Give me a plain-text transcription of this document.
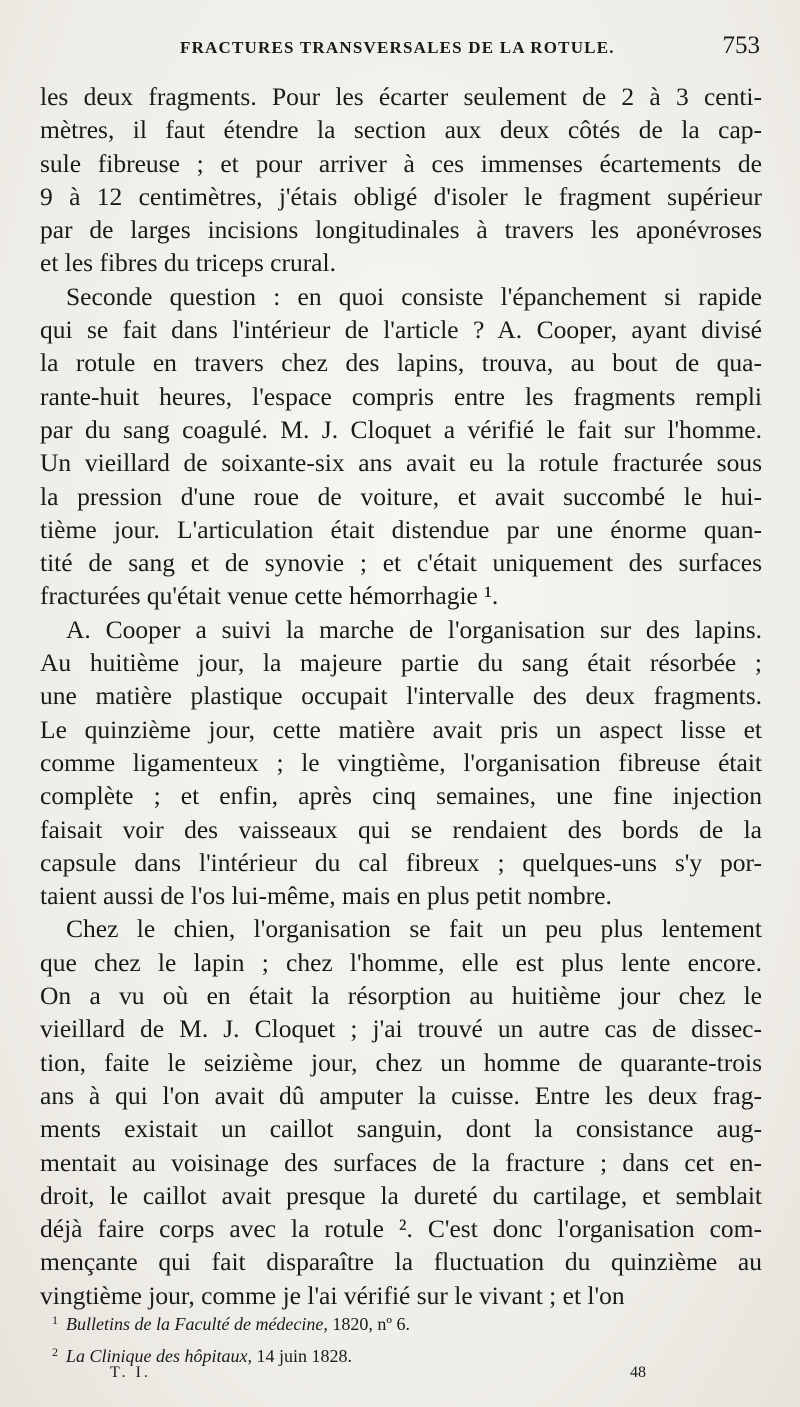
FRACTURES TRANSVERSALES DE LA ROTULE.	753
les deux fragments. Pour les écarter seulement de 2 à 3 centi-
mètres, il faut étendre la section aux deux côtés de la cap-
sule fibreuse ; et pour arriver à ces immenses écartements de
9 à 12 centimètres, j'étais obligé d'isoler le fragment supérieur
par de larges incisions longitudinales à travers les aponévroses
et les fibres du triceps crural.
Seconde question : en quoi consiste l'épanchement si rapide
qui se fait dans l'intérieur de l'article ? A. Cooper, ayant divisé
la rotule en travers chez des lapins, trouva, au bout de qua-
rante-huit heures, l'espace compris entre les fragments rempli
par du sang coagulé. M. J. Cloquet a vérifié le fait sur l'homme.
Un vieillard de soixante-six ans avait eu la rotule fracturée sous
la pression d'une roue de voiture, et avait succombé le hui-
tième jour. L'articulation était distendue par une énorme quan-
tité de sang et de synovie ; et c'était uniquement des surfaces
fracturées qu'était venue cette hémorrhagie ¹.
A. Cooper a suivi la marche de l'organisation sur des lapins.
Au huitième jour, la majeure partie du sang était résorbée ;
une matière plastique occupait l'intervalle des deux fragments.
Le quinzième jour, cette matière avait pris un aspect lisse et
comme ligamenteux ; le vingtième, l'organisation fibreuse était
complète ; et enfin, après cinq semaines, une fine injection
faisait voir des vaisseaux qui se rendaient des bords de la
capsule dans l'intérieur du cal fibreux ; quelques-uns s'y por-
taient aussi de l'os lui-même, mais en plus petit nombre.
Chez le chien, l'organisation se fait un peu plus lentement
que chez le lapin ; chez l'homme, elle est plus lente encore.
On a vu où en était la résorption au huitième jour chez le
vieillard de M. J. Cloquet ; j'ai trouvé un autre cas de dissec-
tion, faite le seizième jour, chez un homme de quarante-trois
ans à qui l'on avait dû amputer la cuisse. Entre les deux frag-
ments existait un caillot sanguin, dont la consistance aug-
mentait au voisinage des surfaces de la fracture ; dans cet en-
droit, le caillot avait presque la dureté du cartilage, et semblait
déjà faire corps avec la rotule ². C'est donc l'organisation com-
mençante qui fait disparaître la fluctuation du quinzième au
vingtième jour, comme je l'ai vérifié sur le vivant ; et l'on
$^1$ Bulletins de la Faculté de médecine, 1820, nº 6.
$^2$ La Clinique des hôpitaux, 14 juin 1828.
T. I.	48
